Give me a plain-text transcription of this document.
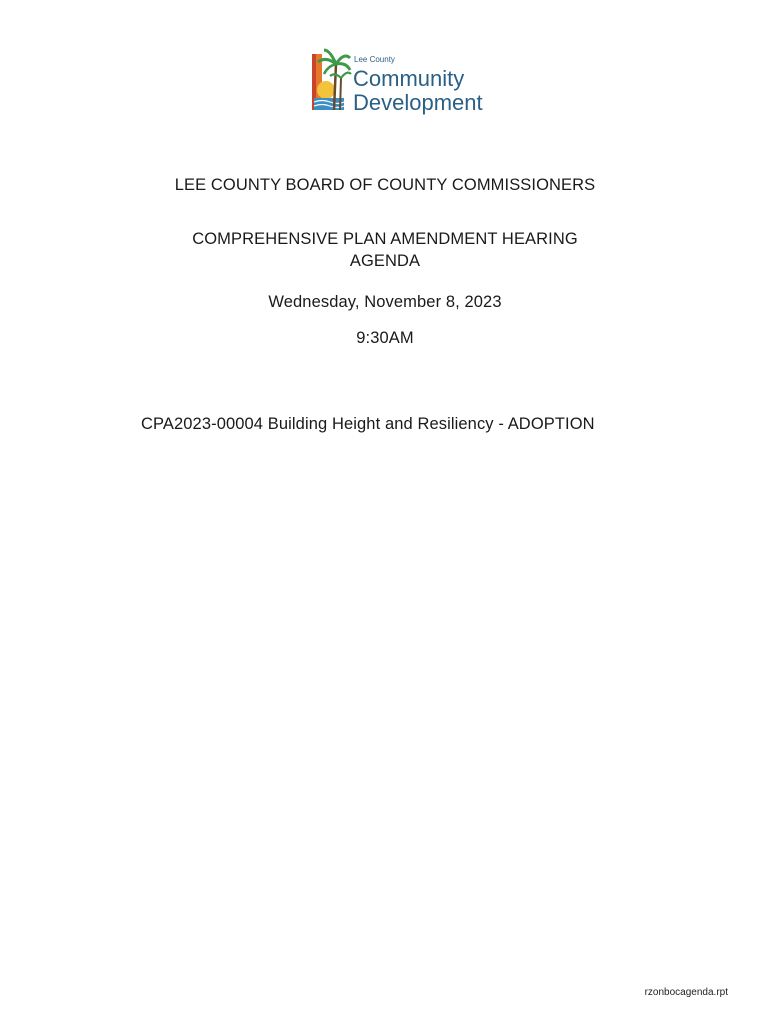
Lee County
Community
Development
LEE COUNTY BOARD OF COUNTY COMMISSIONERS
COMPREHENSIVE PLAN AMENDMENT HEARING
AGENDA
Wednesday, November 8, 2023
9:30AM
CPA2023-00004 Building Height and Resiliency - ADOPTION
rzonbocagenda.rpt
